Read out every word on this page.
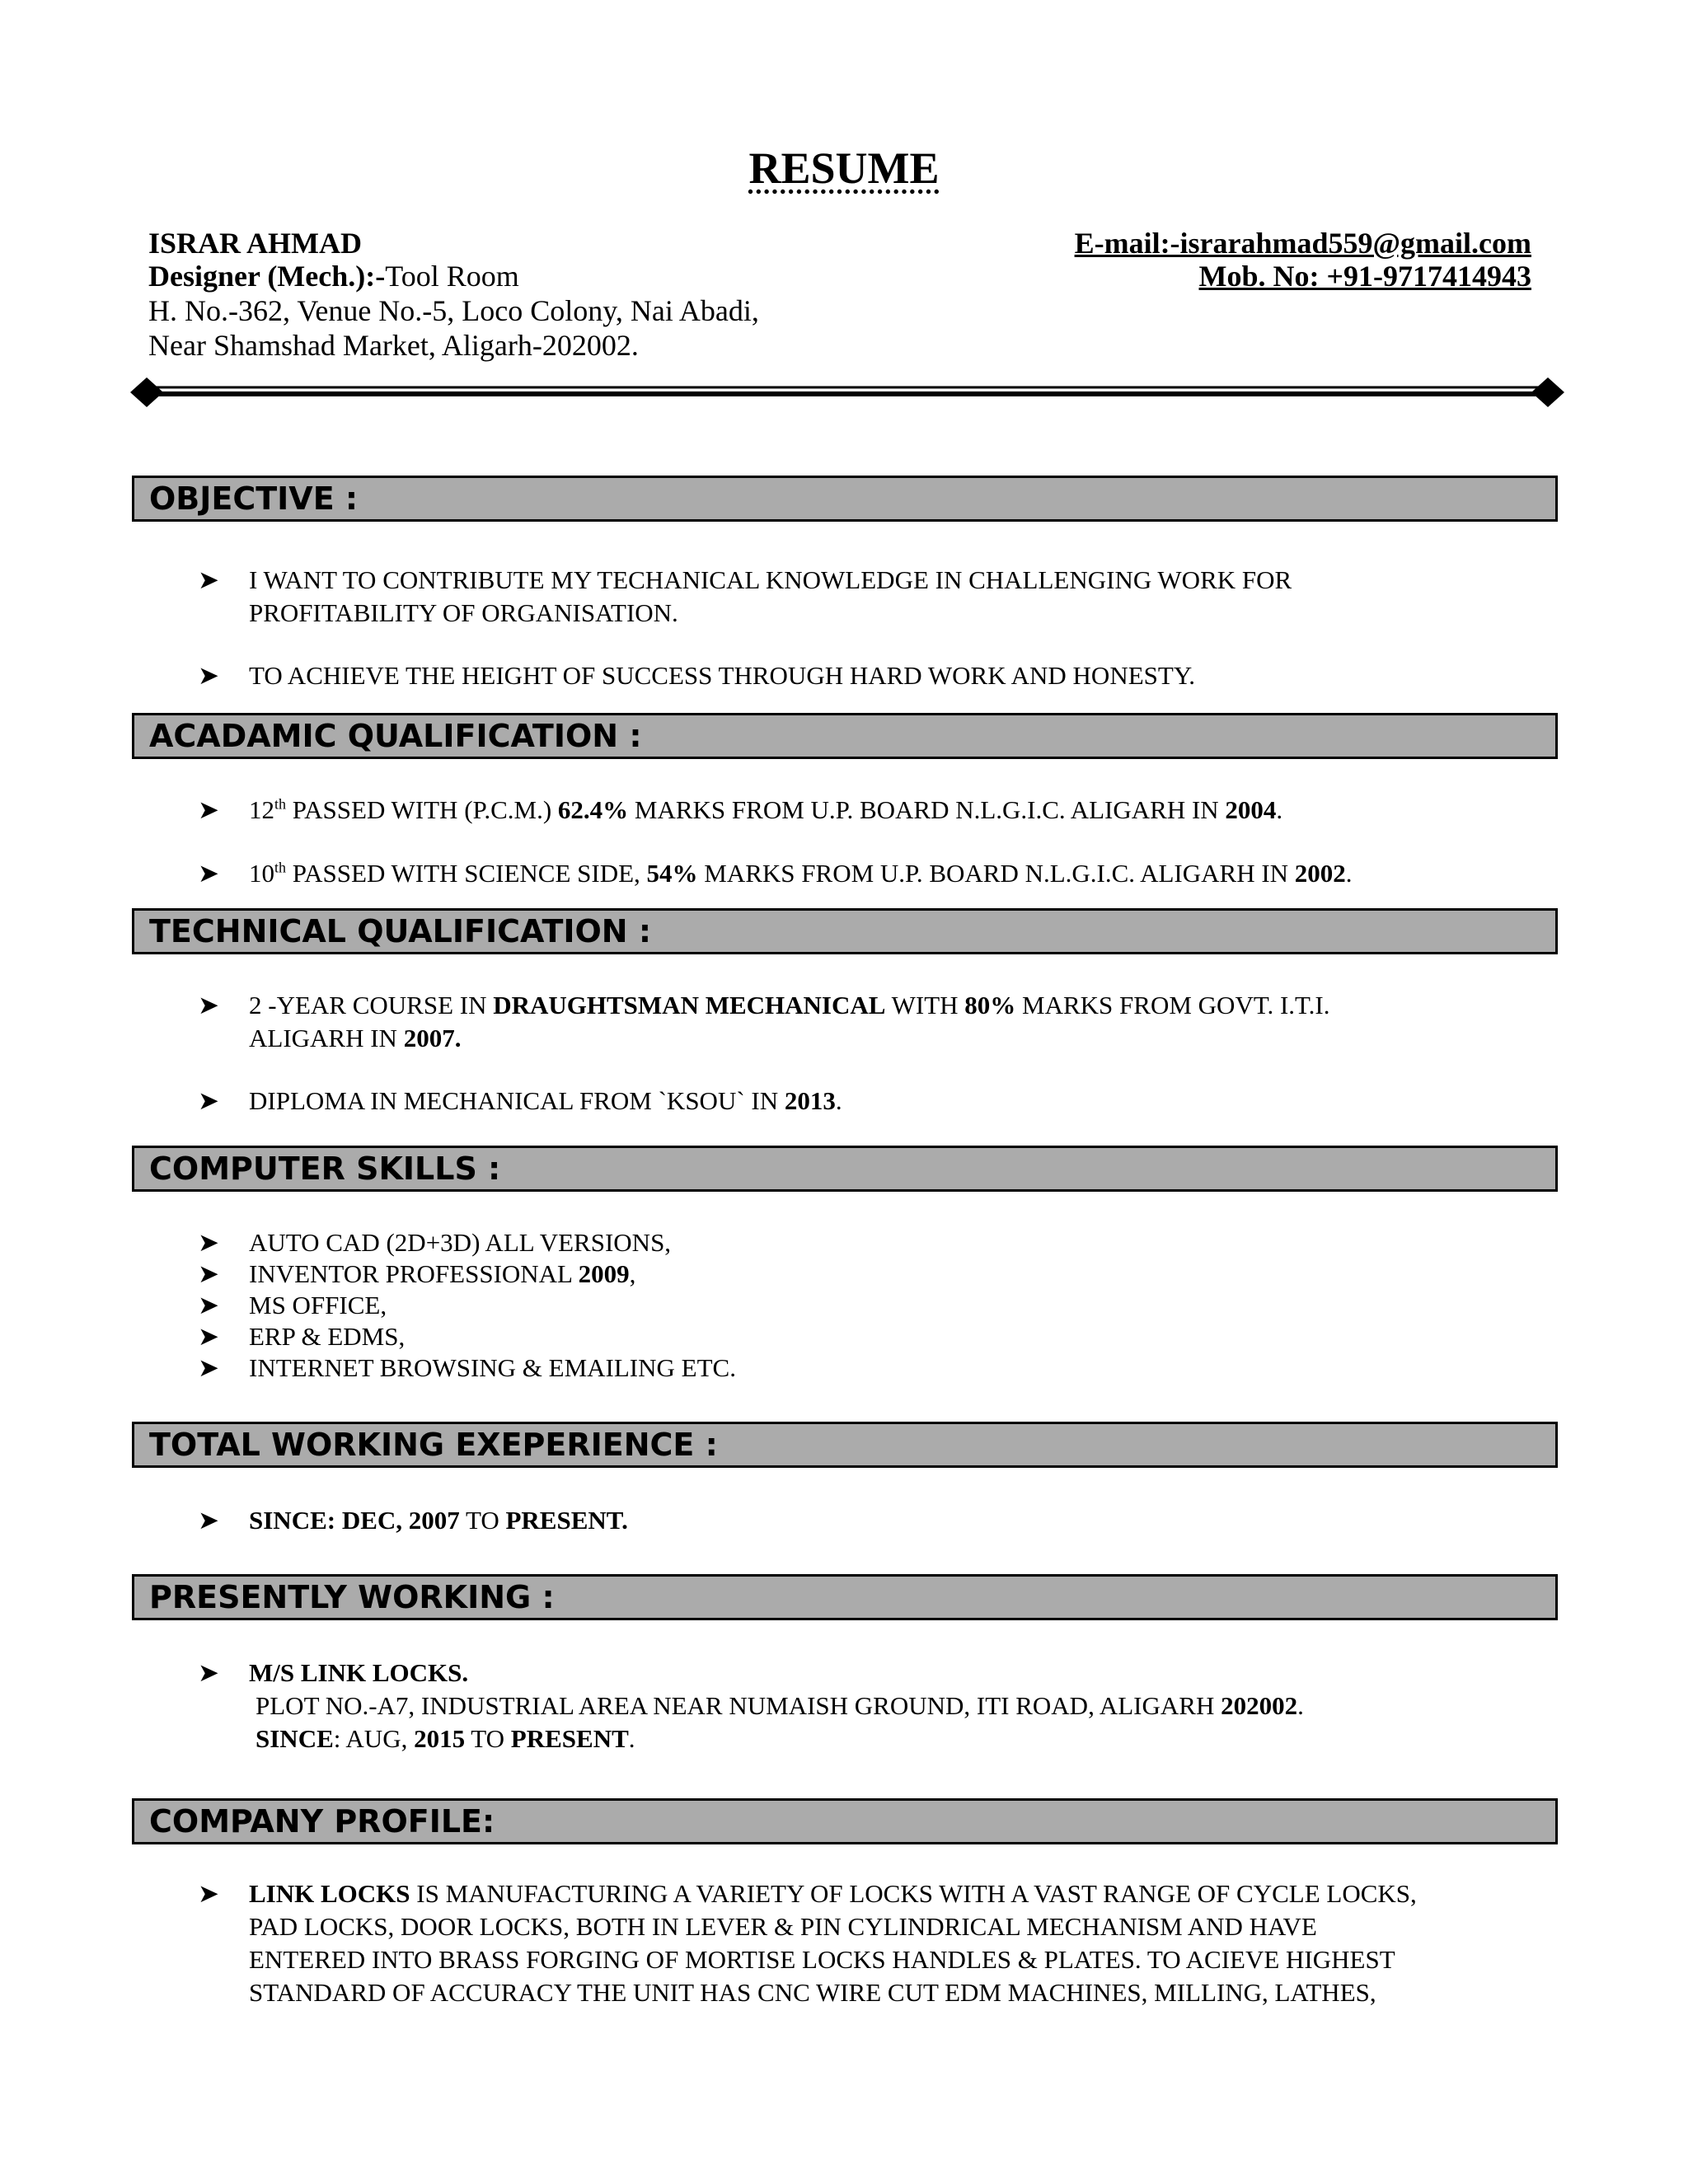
RESUME
ISRAR AHMAD
Designer (Mech.):-Tool Room
H. No.-362, Venue No.-5, Loco Colony, Nai Abadi,
Near Shamshad Market, Aligarh-202002.
E-mail:-israrahmad559@gmail.com
Mob. No: +91-9717414943
OBJECTIVE :
➤ I WANT TO CONTRIBUTE MY TECHANICAL KNOWLEDGE IN CHALLENGING WORK FOR
PROFITABILITY OF ORGANISATION.
➤ TO ACHIEVE THE HEIGHT OF SUCCESS THROUGH HARD WORK AND HONESTY.
ACADAMIC QUALIFICATION :
➤ 12th PASSED WITH (P.C.M.) 62.4% MARKS FROM U.P. BOARD N.L.G.I.C. ALIGARH IN 2004.
➤ 10th PASSED WITH SCIENCE SIDE, 54% MARKS FROM U.P. BOARD N.L.G.I.C. ALIGARH IN 2002.
TECHNICAL QUALIFICATION :
➤ 2 -YEAR COURSE IN DRAUGHTSMAN MECHANICAL WITH 80% MARKS FROM GOVT. I.T.I.
ALIGARH IN 2007.
➤ DIPLOMA IN MECHANICAL FROM `KSOU` IN 2013.
COMPUTER SKILLS :
➤ AUTO CAD (2D+3D) ALL VERSIONS,
➤ INVENTOR PROFESSIONAL 2009,
➤ MS OFFICE,
➤ ERP & EDMS,
➤ INTERNET BROWSING & EMAILING ETC.
TOTAL WORKING EXEPERIENCE :
➤ SINCE: DEC, 2007 TO PRESENT.
PRESENTLY WORKING :
➤ M/S LINK LOCKS.
PLOT NO.-A7, INDUSTRIAL AREA NEAR NUMAISH GROUND, ITI ROAD, ALIGARH 202002.
SINCE: AUG, 2015 TO PRESENT.
COMPANY PROFILE:
➤ LINK LOCKS IS MANUFACTURING A VARIETY OF LOCKS WITH A VAST RANGE OF CYCLE LOCKS,
PAD LOCKS, DOOR LOCKS, BOTH IN LEVER & PIN CYLINDRICAL MECHANISM AND HAVE
ENTERED INTO BRASS FORGING OF MORTISE LOCKS HANDLES & PLATES. TO ACIEVE HIGHEST
STANDARD OF ACCURACY THE UNIT HAS CNC WIRE CUT EDM MACHINES, MILLING, LATHES,
